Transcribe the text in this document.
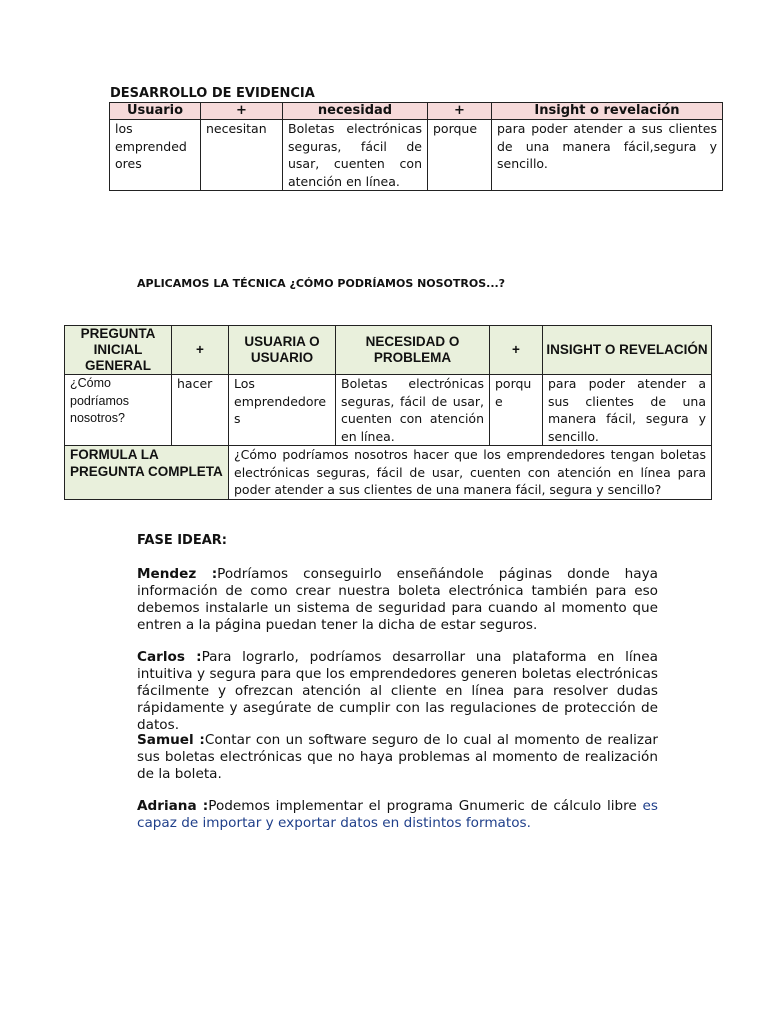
DESARROLLO DE EVIDENCIA
Usuario	+	necesidad	+	Insight o revelación
los emprended ores	necesitan	Boletas electrónicas seguras, fácil de usar, cuenten con atención en línea.	porque	para poder atender a sus clientes de una manera fácil,segura y sencillo.
APLICAMOS LA TÉCNICA ¿CÓMO PODRÍAMOS NOSOTROS...?
PREGUNTA INICIAL GENERAL	+	USUARIA O USUARIO	NECESIDAD O PROBLEMA	+	INSIGHT O REVELACIÓN
¿Cómo podríamos nosotros?	hacer	Los emprendedore s	Boletas electrónicas seguras, fácil de usar, cuenten con atención en línea.	porqu e	para poder atender a sus clientes de una manera fácil, segura y sencillo.
FORMULA LA PREGUNTA COMPLETA		¿Cómo podríamos nosotros hacer que los emprendedores tengan boletas electrónicas seguras, fácil de usar, cuenten con atención en línea para poder atender a sus clientes de una manera fácil, segura y sencillo?			
FASE IDEAR:
Mendez :Podríamos conseguirlo enseñándole páginas donde haya información de como crear nuestra boleta electrónica también para eso debemos instalarle un sistema de seguridad para cuando al momento que entren a la página puedan tener la dicha de estar seguros.
Carlos :Para lograrlo, podríamos desarrollar una plataforma en línea intuitiva y segura para que los emprendedores generen boletas electrónicas fácilmente y ofrezcan atención al cliente en línea para resolver dudas rápidamente y asegúrate de cumplir con las regulaciones de protección de datos.
Samuel :Contar con un software seguro de lo cual al momento de realizar sus boletas electrónicas que no haya problemas al momento de realización de la boleta.
Adriana :Podemos implementar el programa Gnumeric de cálculo libre es capaz de importar y exportar datos en distintos formatos.
